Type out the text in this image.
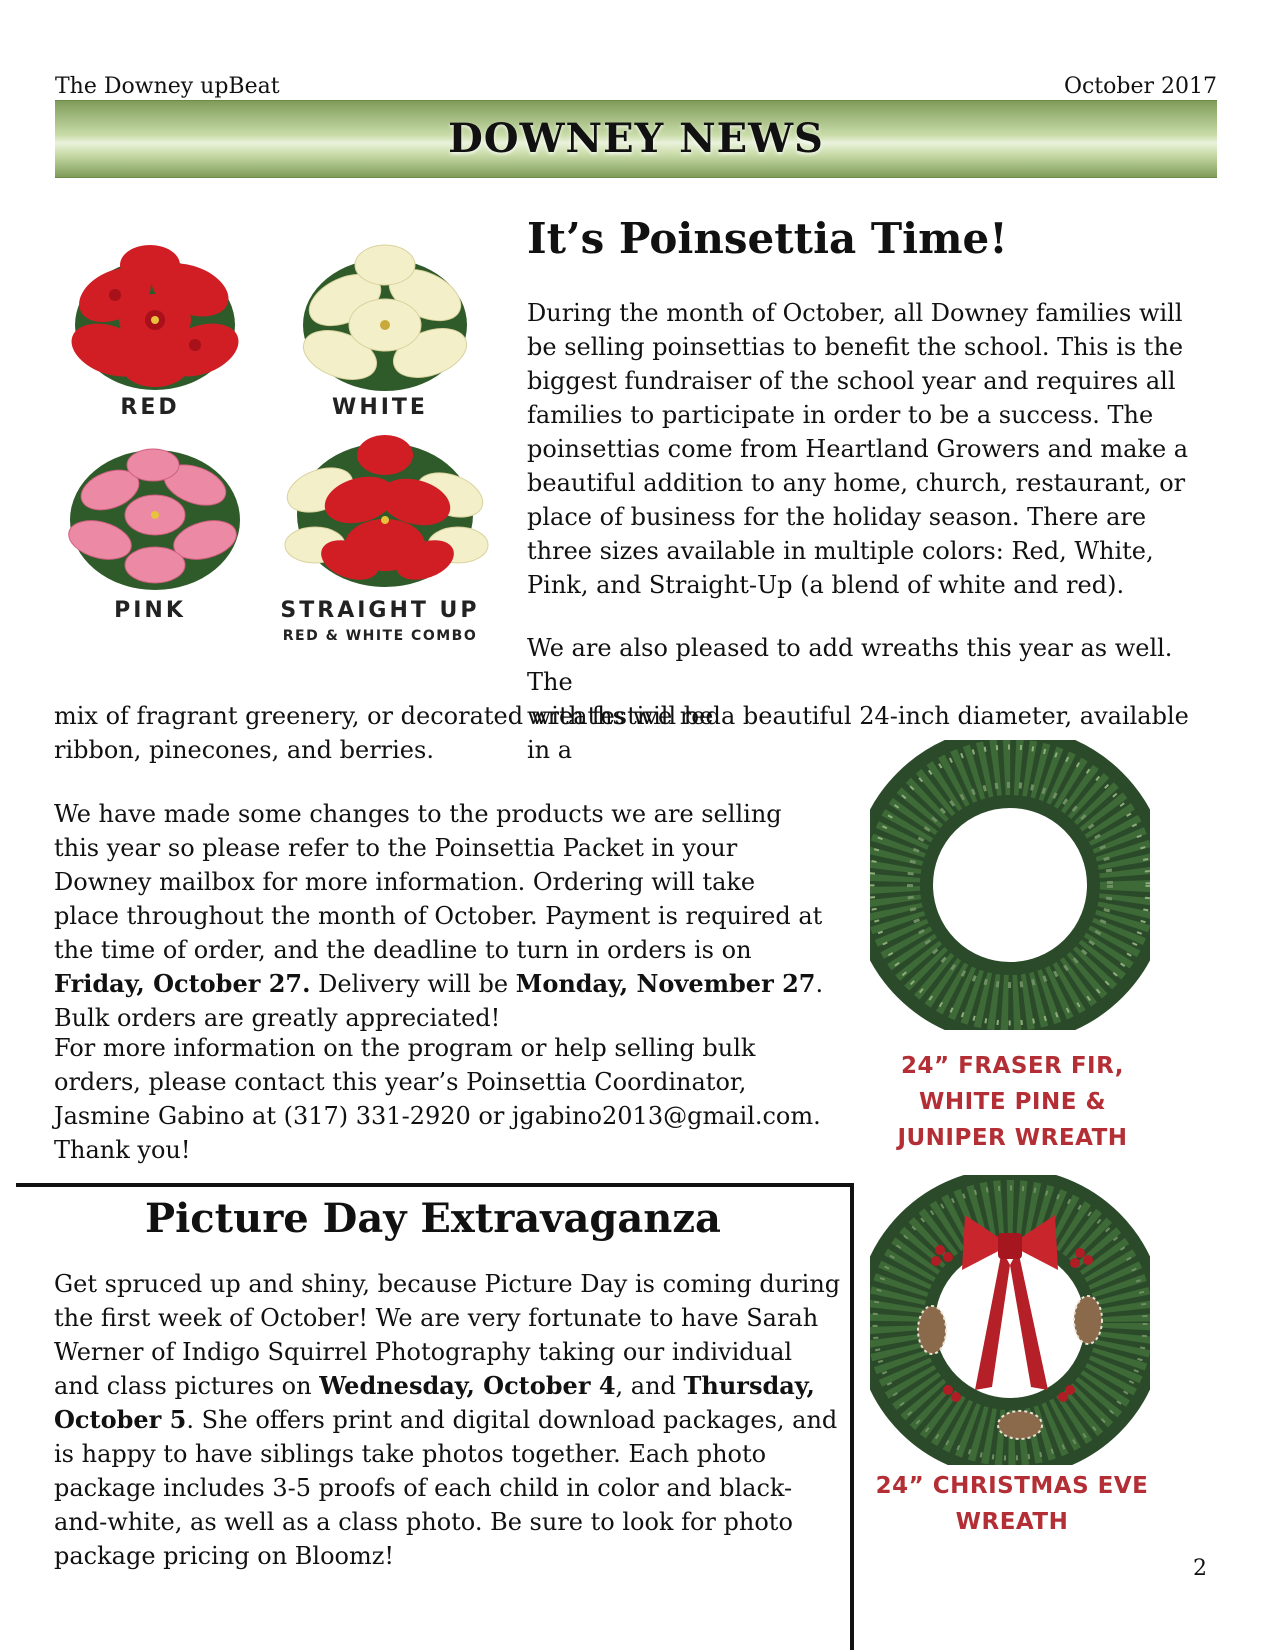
The Downey upBeat	October 2017
DOWNEY NEWS
RED	WHITE
PINK	STRAIGHT UP
RED & WHITE COMBO
It’s Poinsettia Time!

During the month of October, all Downey families will be selling poinsettias to benefit the school. This is the biggest fundraiser of the school year and requires all families to participate in order to be a success. The poinsettias come from Heartland Growers and make a beautiful addition to any home, church, restaurant, or place of business for the holiday season. There are three sizes available in multiple colors: Red, White, Pink, and Straight-Up (a blend of white and red).

We are also pleased to add wreaths this year as well. The

wreaths will be a beautiful 24-inch diameter, available in a

mix of fragrant greenery, or decorated with festive red ribbon, pinecones, and berries.

We have made some changes to the products we are selling this year so please refer to the Poinsettia Packet in your Downey mailbox for more information. Ordering will take place throughout the month of October. Payment is required at the time of order, and the deadline to turn in orders is on Friday, October 27. Delivery will be Monday, November 27. Bulk orders are greatly appreciated!

For more information on the program or help selling bulk orders, please contact this year’s Poinsettia Coordinator, Jasmine Gabino at (317) 331-2920 or jgabino2013@gmail.com. Thank you!

24” FRASER FIR,
WHITE PINE &
JUNIPER WREATH
24” CHRISTMAS EVE
WREATH
Picture Day Extravaganza

Get spruced up and shiny, because Picture Day is coming during the first week of October! We are very fortunate to have Sarah Werner of Indigo Squirrel Photography taking our individual and class pictures on Wednesday, October 4, and Thursday, October 5. She offers print and digital download packages, and is happy to have siblings take photos together. Each photo package includes 3-5 proofs of each child in color and black-and-white, as well as a class photo. Be sure to look for photo package pricing on Bloomz!	2
